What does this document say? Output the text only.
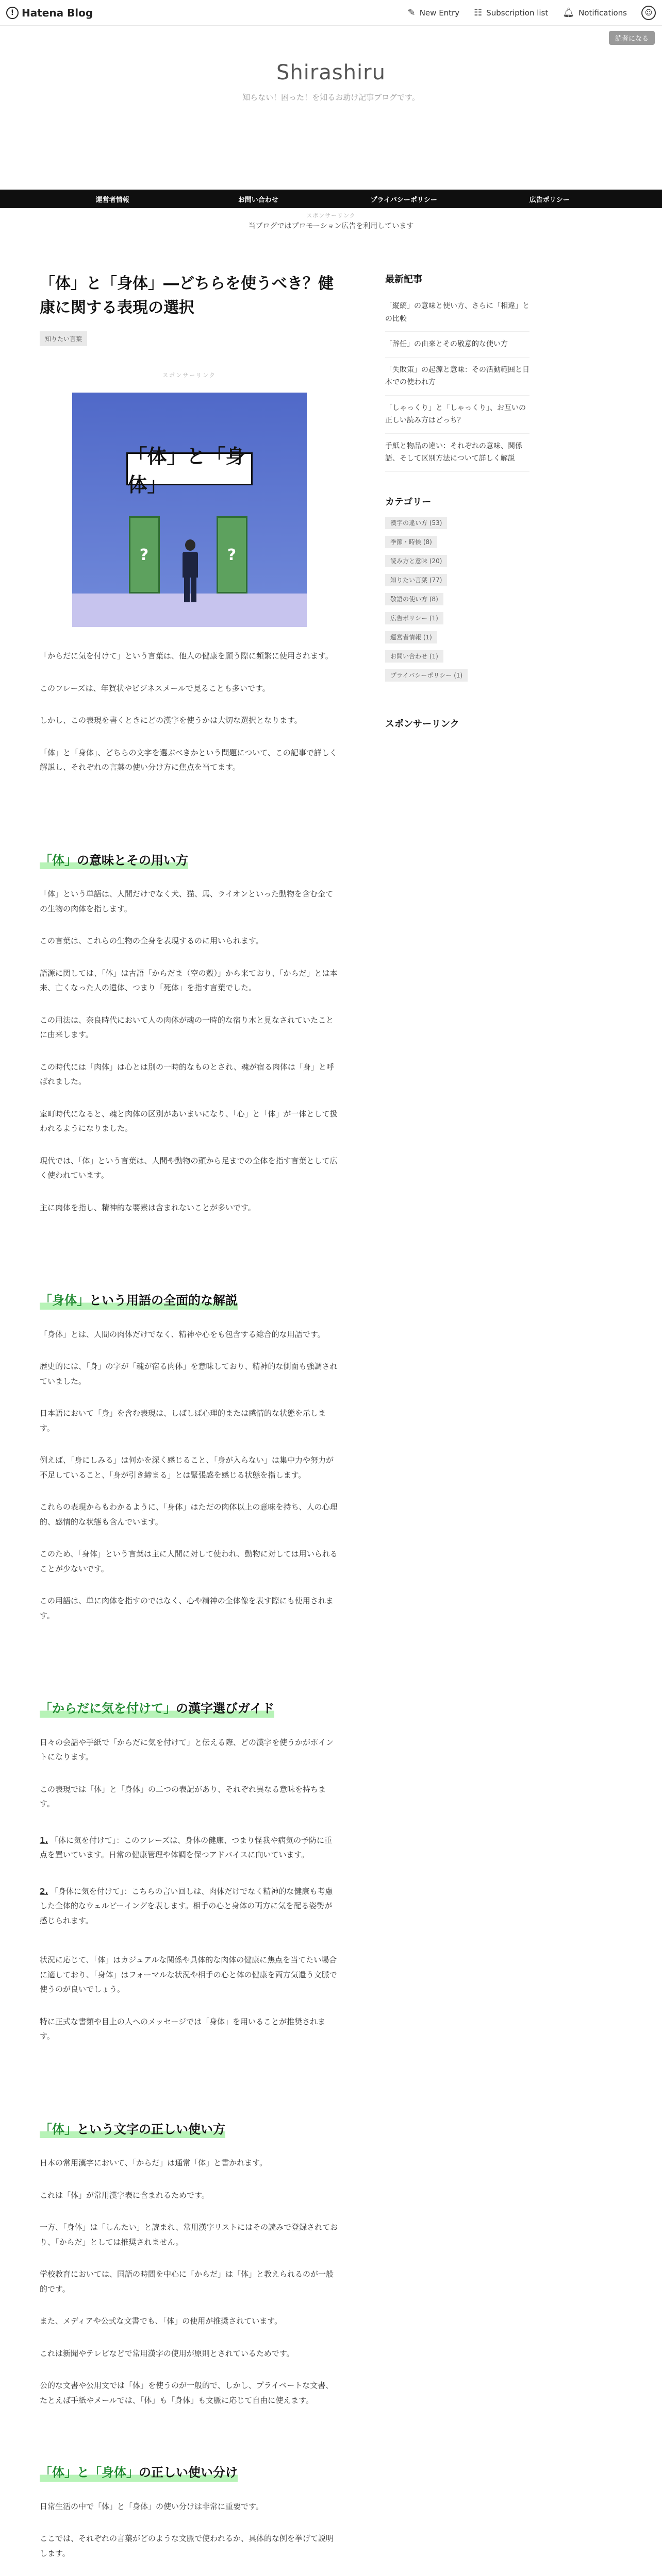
! Hatena Blog	✎ New Entry ☷ Subscription list 🔔︎ Notifications	☺
読者になる
Shirashiru
知らない！困った！を知るお助け記事ブログです。
運営者情報	お問い合わせ	プライバシーポリシー	広告ポリシー
スポンサーリンク
当ブログではプロモーション広告を利用しています
「体」と「身体」―どちらを使うべき？健康に関する表現の選択
知りたい言葉
スポンサーリンク
「体」と「身体」
?	?

「からだに気を付けて」という言葉は、他人の健康を願う際に頻繁に使用されます。

このフレーズは、年賀状やビジネスメールで見ることも多いです。

しかし、この表現を書くときにどの漢字を使うかは大切な選択となります。

「体」と「身体」、どちらの文字を選ぶべきかという問題について、この記事で詳しく解説し、それぞれの言葉の使い分け方に焦点を当てます。

「体」の意味とその用い方

「体」という単語は、人間だけでなく犬、猫、馬、ライオンといった動物を含む全ての生物の肉体を指します。

この言葉は、これらの生物の全身を表現するのに用いられます。

語源に関しては、「体」は古語「からだま（空の殻）」から来ており、「からだ」とは本来、亡くなった人の遺体、つまり「死体」を指す言葉でした。

この用法は、奈良時代において人の肉体が魂の一時的な宿り木と見なされていたことに由来します。

この時代には「肉体」は心とは別の一時的なものとされ、魂が宿る肉体は「身」と呼ばれました。

室町時代になると、魂と肉体の区別があいまいになり、「心」と「体」が一体として扱われるようになりました。

現代では、「体」という言葉は、人間や動物の頭から足までの全体を指す言葉として広く使われています。

主に肉体を指し、精神的な要素は含まれないことが多いです。

「身体」という用語の全面的な解説

「身体」とは、人間の肉体だけでなく、精神や心をも包含する総合的な用語です。

歴史的には、「身」の字が「魂が宿る肉体」を意味しており、精神的な側面も強調されていました。

日本語において「身」を含む表現は、しばしば心理的または感情的な状態を示します。

例えば、「身にしみる」は何かを深く感じること、「身が入らない」は集中力や努力が不足していること、「身が引き締まる」とは緊張感を感じる状態を指します。

これらの表現からもわかるように、「身体」はただの肉体以上の意味を持ち、人の心理的、感情的な状態も含んでいます。

このため、「身体」という言葉は主に人間に対して使われ、動物に対しては用いられることが少ないです。

この用語は、単に肉体を指すのではなく、心や精神の全体像を表す際にも使用されます。

「からだに気を付けて」の漢字選びガイド

日々の会話や手紙で「からだに気を付けて」と伝える際、どの漢字を使うかがポイントになります。

この表現では「体」と「身体」の二つの表記があり、それぞれ異なる意味を持ちます。

1. 「体に気を付けて」：このフレーズは、身体の健康、つまり怪我や病気の予防に重点を置いています。日常の健康管理や体調を保つアドバイスに向いています。

2. 「身体に気を付けて」：こちらの言い回しは、肉体だけでなく精神的な健康も考慮した全体的なウェルビーイングを表します。相手の心と身体の両方に気を配る姿勢が感じられます。

状況に応じて、「体」はカジュアルな関係や具体的な肉体の健康に焦点を当てたい場合に適しており、「身体」はフォーマルな状況や相手の心と体の健康を両方気遣う文脈で使うのが良いでしょう。

特に正式な書類や目上の人へのメッセージでは「身体」を用いることが推奨されます。

「体」という文字の正しい使い方

日本の常用漢字において、「からだ」は通常「体」と書かれます。

これは「体」が常用漢字表に含まれるためです。

一方、「身体」は「しんたい」と読まれ、常用漢字リストにはその読みで登録されており、「からだ」としては推奨されません。

学校教育においては、国語の時間を中心に「からだ」は「体」と教えられるのが一般的です。

また、メディアや公式な文書でも、「体」の使用が推奨されています。

これは新聞やテレビなどで常用漢字の使用が原則とされているためです。

公的な文書や公用文では「体」を使うのが一般的で、しかし、プライベートな文書、たとえば手紙やメールでは、「体」も「身体」も文脈に応じて自由に使えます。

「体」と「身体」の正しい使い分け

日常生活の中で「体」と「身体」の使い分けは非常に重要です。

ここでは、それぞれの言葉がどのような文脈で使われるか、具体的な例を挙げて説明します。

最新記事
「縦縞」の意味と使い方、さらに「相違」との比較
「辞任」の由来とその敬意的な使い方
「失敗策」の起源と意味：その活動範囲と日本での使われ方
「しゃっくり」と「しゃっくり」、お互いの正しい読み方はどっち？
手紙と物品の違い：それぞれの意味、関係語、そして区別方法について詳しく解説
カテゴリー
漢字の違い方 (53)
季節・時候 (8)
読み方と意味 (20)
知りたい言葉 (77)
敬語の使い方 (8)
広告ポリシー (1)
運営者情報 (1)
お問い合わせ (1)
プライバシーポリシー (1)
スポンサーリンク
